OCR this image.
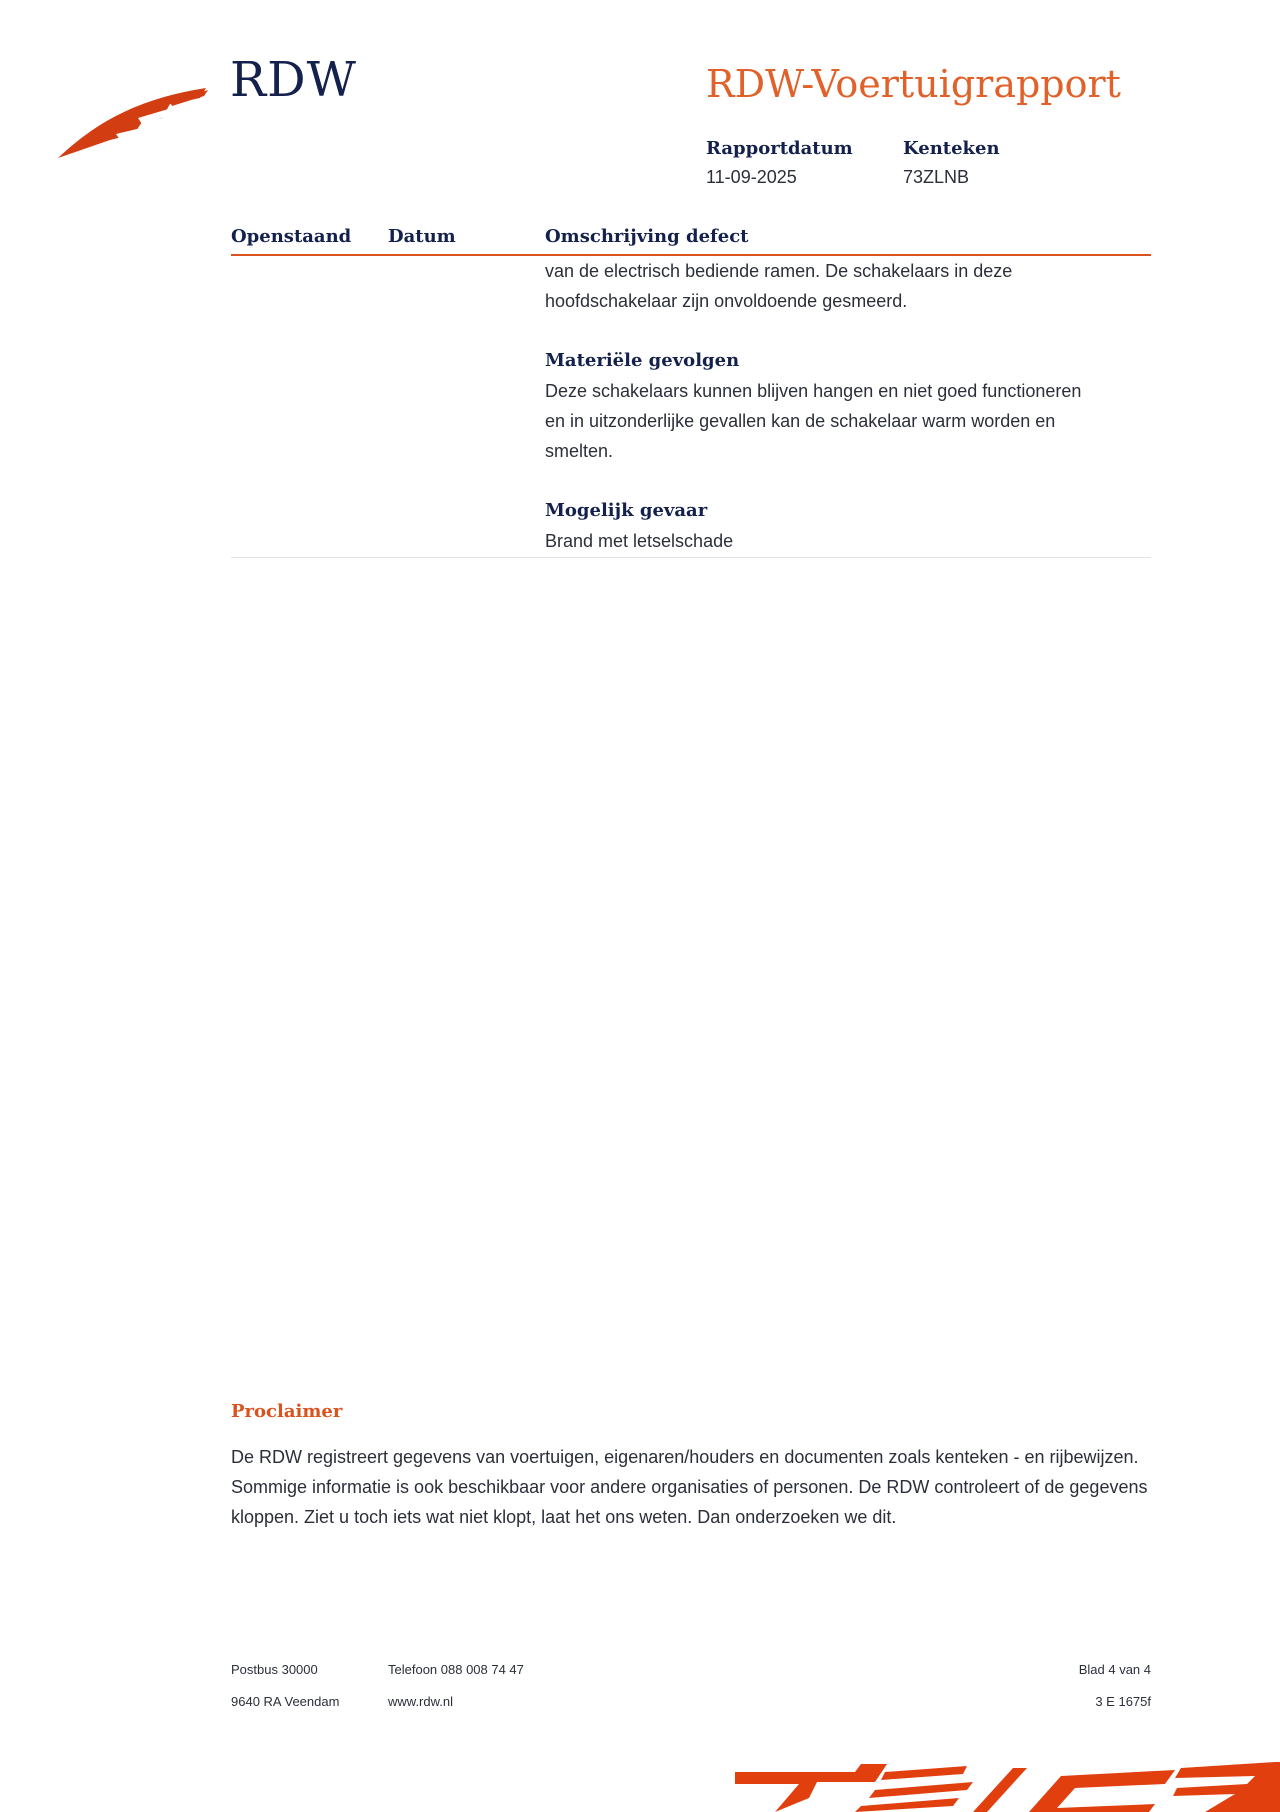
RDW	RDW-Voertuigrapport
Rapportdatum
11-09-2025
Kenteken
73ZLNB
Openstaand Datum	Omschrijving defect
van de electrisch bediende ramen. De schakelaars in deze
hoofdschakelaar zijn onvoldoende gesmeerd.
Materiële gevolgen
Deze schakelaars kunnen blijven hangen en niet goed functioneren
en in uitzonderlijke gevallen kan de schakelaar warm worden en
smelten.
Mogelijk gevaar
Brand met letselschade
Proclaimer
De RDW registreert gegevens van voertuigen, eigenaren/houders en documenten zoals kenteken - en rijbewijzen. Sommige informatie is ook beschikbaar voor andere organisaties of personen. De RDW controleert of de gegevens kloppen. Ziet u toch iets wat niet klopt, laat het ons weten. Dan onderzoeken we dit.
Postbus 30000
9640 RA Veendam
Telefoon 088 008 74 47
www.rdw.nl
Blad 4 van 4
3 E 1675f
